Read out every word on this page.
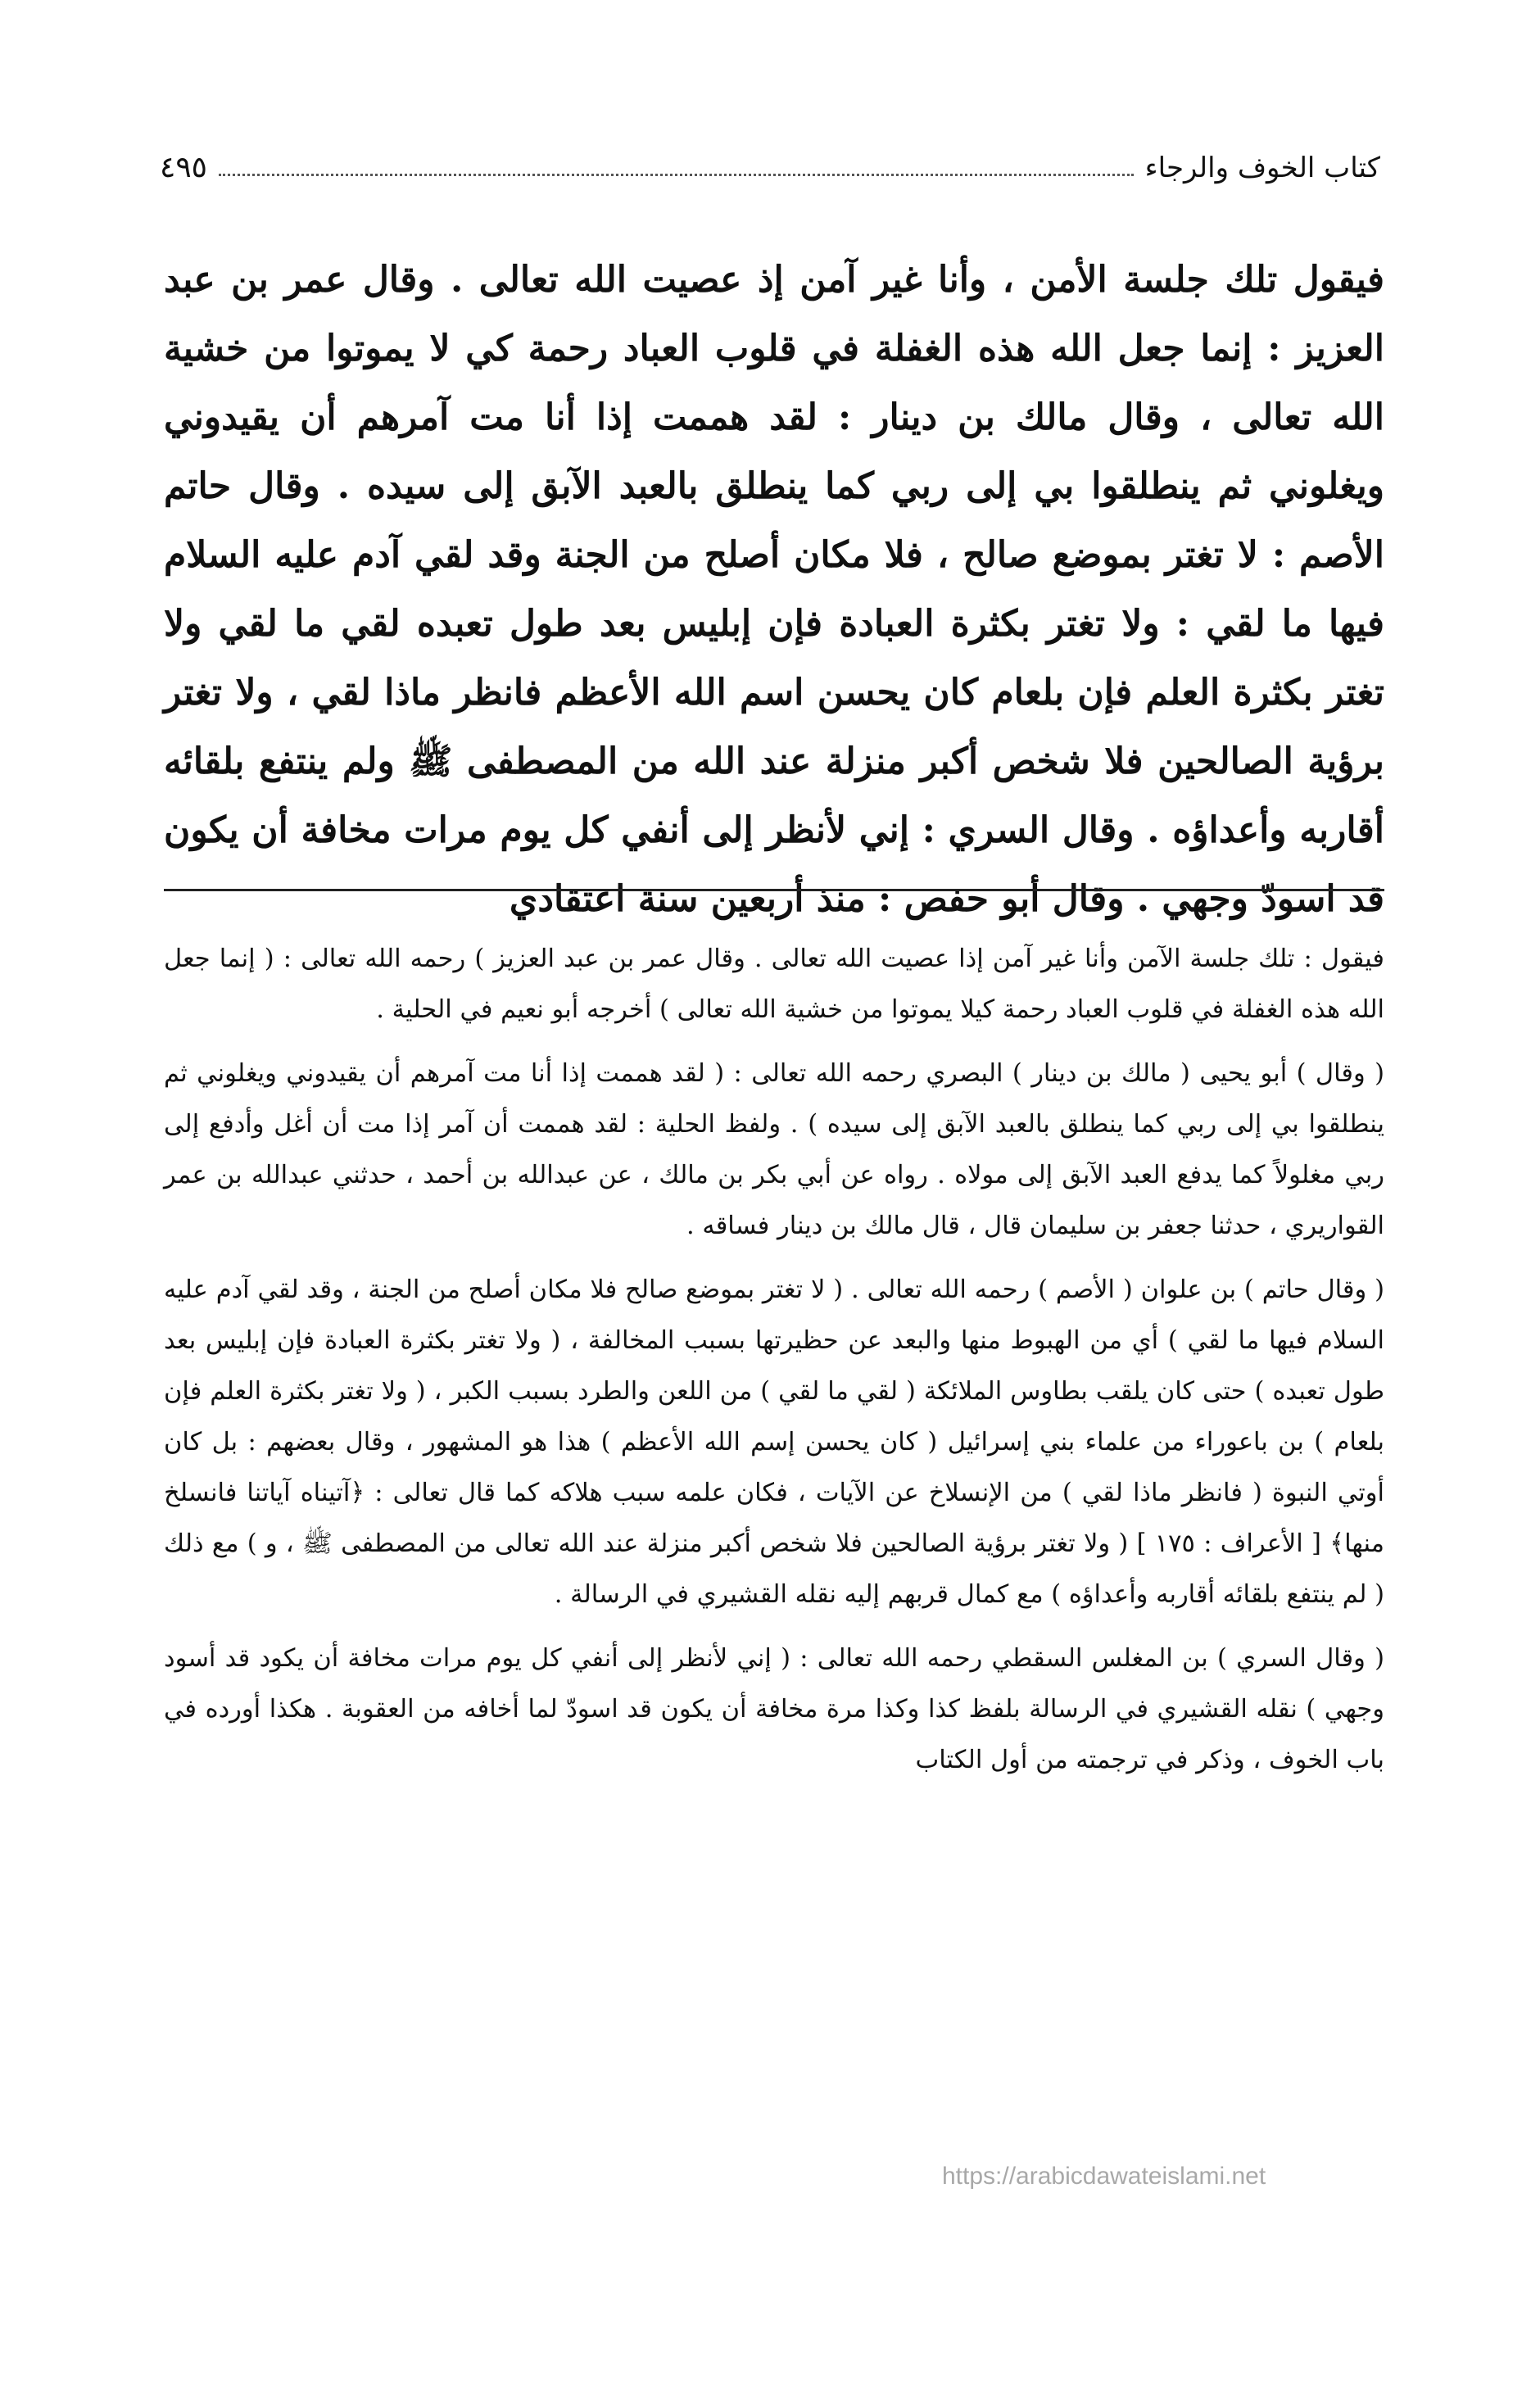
كتاب الخوف والرجاء
٤٩٥

فيقول تلك جلسة الأمن ، وأنا غير آمن إذ عصيت الله تعالى . وقال عمر بن عبد العزيز : إنما جعل الله هذه الغفلة في قلوب العباد رحمة كي لا يموتوا من خشية الله تعالى ، وقال مالك بن دينار : لقد هممت إذا أنا مت آمرهم أن يقيدوني ويغلوني ثم ينطلقوا بي إلى ربي كما ينطلق بالعبد الآبق إلى سيده . وقال حاتم الأصم : لا تغتر بموضع صالح ، فلا مكان أصلح من الجنة وقد لقي آدم عليه السلام فيها ما لقي : ولا تغتر بكثرة العبادة فإن إبليس بعد طول تعبده لقي ما لقي ولا تغتر بكثرة العلم فإن بلعام كان يحسن اسم الله الأعظم فانظر ماذا لقي ، ولا تغتر برؤية الصالحين فلا شخص أكبر منزلة عند الله من المصطفى ﷺ ولم ينتفع بلقائه أقاربه وأعداؤه . وقال السري : إني لأنظر إلى أنفي كل يوم مرات مخافة أن يكون قد اسودّ وجهي . وقال أبو حفص : منذ أربعين سنة اعتقادي

فيقول : تلك جلسة الآمن وأنا غير آمن إذا عصيت الله تعالى . وقال عمر بن عبد العزيز ) رحمه الله تعالى : ( إنما جعل الله هذه الغفلة في قلوب العباد رحمة كيلا يموتوا من خشية الله تعالى ) أخرجه أبو نعيم في الحلية .

( وقال ) أبو يحيى ( مالك بن دينار ) البصري رحمه الله تعالى : ( لقد هممت إذا أنا مت آمرهم أن يقيدوني ويغلوني ثم ينطلقوا بي إلى ربي كما ينطلق بالعبد الآبق إلى سيده ) . ولفظ الحلية : لقد هممت أن آمر إذا مت أن أغل وأدفع إلى ربي مغلولاً كما يدفع العبد الآبق إلى مولاه . رواه عن أبي بكر بن مالك ، عن عبدالله بن أحمد ، حدثني عبدالله بن عمر القواريري ، حدثنا جعفر بن سليمان قال ، قال مالك بن دينار فساقه .

( وقال حاتم ) بن علوان ( الأصم ) رحمه الله تعالى . ( لا تغتر بموضع صالح فلا مكان أصلح من الجنة ، وقد لقي آدم عليه السلام فيها ما لقي ) أي من الهبوط منها والبعد عن حظيرتها بسبب المخالفة ، ( ولا تغتر بكثرة العبادة فإن إبليس بعد طول تعبده ) حتى كان يلقب بطاوس الملائكة ( لقي ما لقي ) من اللعن والطرد بسبب الكبر ، ( ولا تغتر بكثرة العلم فإن بلعام ) بن باعوراء من علماء بني إسرائيل ( كان يحسن إسم الله الأعظم ) هذا هو المشهور ، وقال بعضهم : بل كان أوتي النبوة ( فانظر ماذا لقي ) من الإنسلاخ عن الآيات ، فكان علمه سبب هلاكه كما قال تعالى : ﴿آتيناه آياتنا فانسلخ منها﴾ [ الأعراف : ١٧٥ ] ( ولا تغتر برؤية الصالحين فلا شخص أكبر منزلة عند الله تعالى من المصطفى ﷺ ، و ) مع ذلك ( لم ينتفع بلقائه أقاربه وأعداؤه ) مع كمال قربهم إليه نقله القشيري في الرسالة .

( وقال السري ) بن المغلس السقطي رحمه الله تعالى : ( إني لأنظر إلى أنفي كل يوم مرات مخافة أن يكود قد أسود وجهي ) نقله القشيري في الرسالة بلفظ كذا وكذا مرة مخافة أن يكون قد اسودّ لما أخافه من العقوبة . هكذا أورده في باب الخوف ، وذكر في ترجمته من أول الكتاب

https://arabicdawateislami.net
